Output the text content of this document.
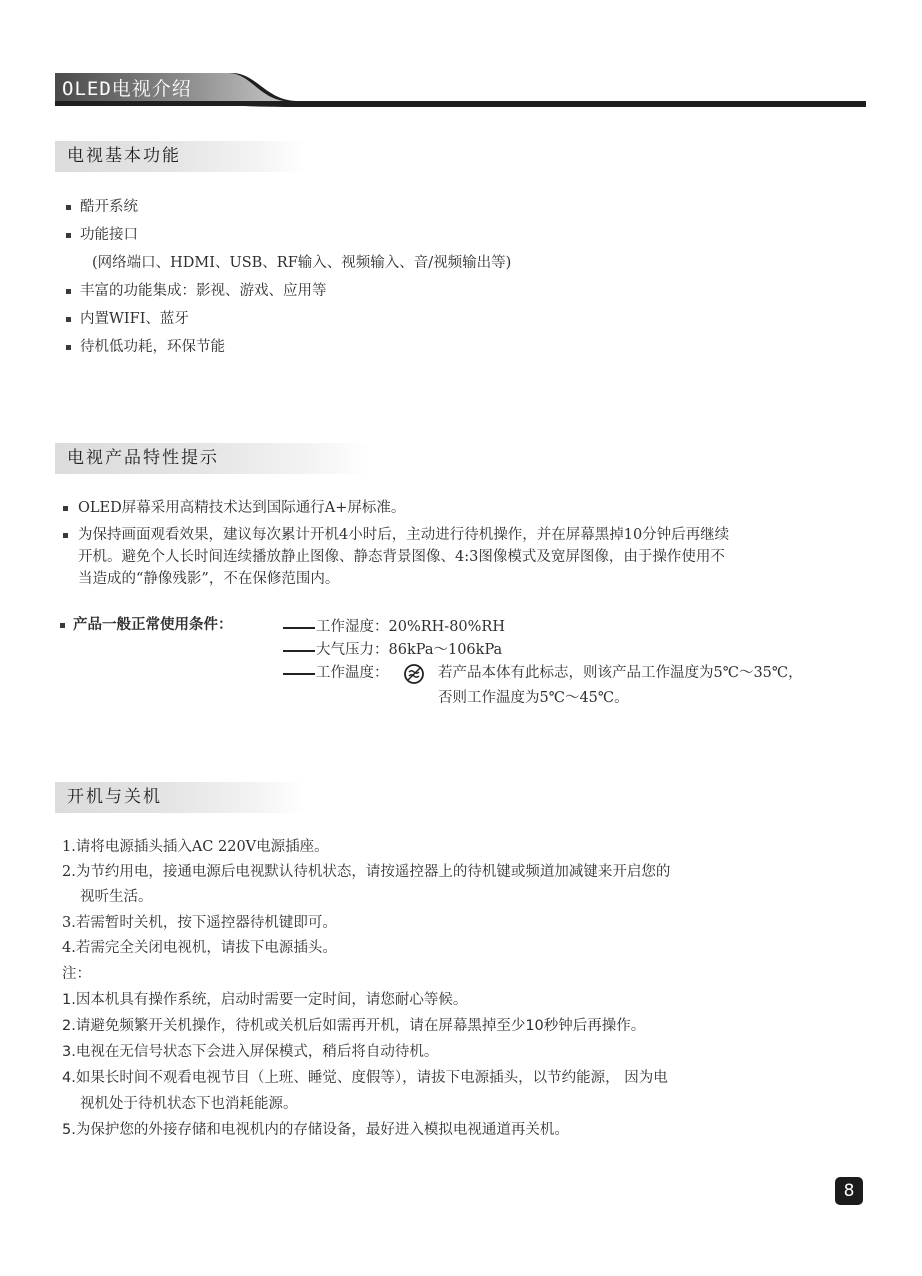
OLED电视介绍
电视基本功能
酷开系统
功能接口
(网络端口、HDMI、USB、RF输入、视频输入、音/视频输出等)
丰富的功能集成：影视、游戏、应用等
内置WIFI、蓝牙
待机低功耗，环保节能
电视产品特性提示
OLED屏幕采用高精技术达到国际通行A+屏标准。
为保持画面观看效果，建议每次累计开机4小时后，主动进行待机操作，并在屏幕黑掉10分钟后再继续
开机。避免个人长时间连续播放静止图像、静态背景图像、4:3图像模式及宽屏图像，由于操作使用不
当造成的“静像残影”，不在保修范围内。
产品一般正常使用条件：	工作湿度：20%RH-80%RH
大气压力：86kPa～106kPa
工作温度：	若产品本体有此标志，则该产品工作温度为5℃～35℃，
否则工作温度为5℃～45℃。
开机与关机
1.请将电源插头插入AC 220V电源插座。
2.为节约用电，接通电源后电视默认待机状态，请按遥控器上的待机键或频道加减键来开启您的
视听生活。
3.若需暂时关机，按下遥控器待机键即可。
4.若需完全关闭电视机，请拔下电源插头。
注：
1.因本机具有操作系统，启动时需要一定时间，请您耐心等候。
2.请避免频繁开关机操作，待机或关机后如需再开机，请在屏幕黑掉至少10秒钟后再操作。
3.电视在无信号状态下会进入屏保模式，稍后将自动待机。
4.如果长时间不观看电视节目（上班、睡觉、度假等），请拔下电源插头，以节约能源， 因为电
视机处于待机状态下也消耗能源。
5.为保护您的外接存储和电视机内的存储设备，最好进入模拟电视通道再关机。
8
